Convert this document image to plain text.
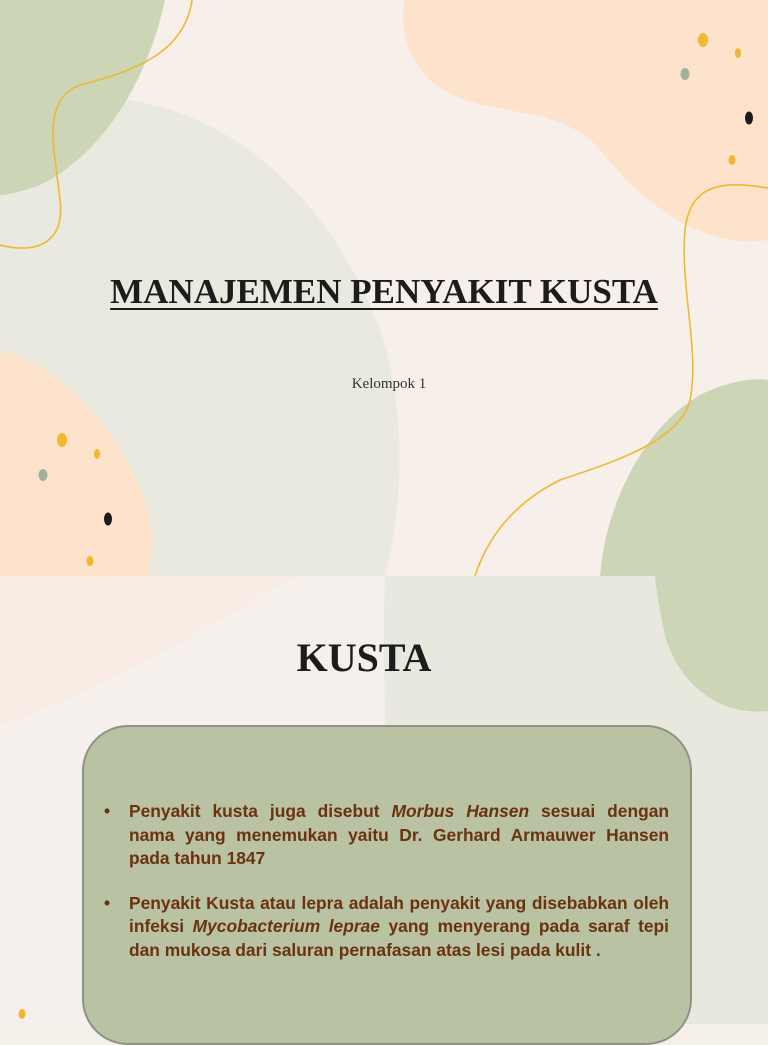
MANAJEMEN PENYAKIT KUSTA
Kelompok 1
KUSTA
• Penyakit kusta juga disebut Morbus Hansen sesuai dengan nama yang menemukan yaitu Dr. Gerhard Armauwer Hansen pada tahun 1847
• Penyakit Kusta atau lepra adalah penyakit yang disebabkan oleh infeksi Mycobacterium leprae yang menyerang pada saraf tepi dan mukosa dari saluran pernafasan atas lesi pada kulit .
